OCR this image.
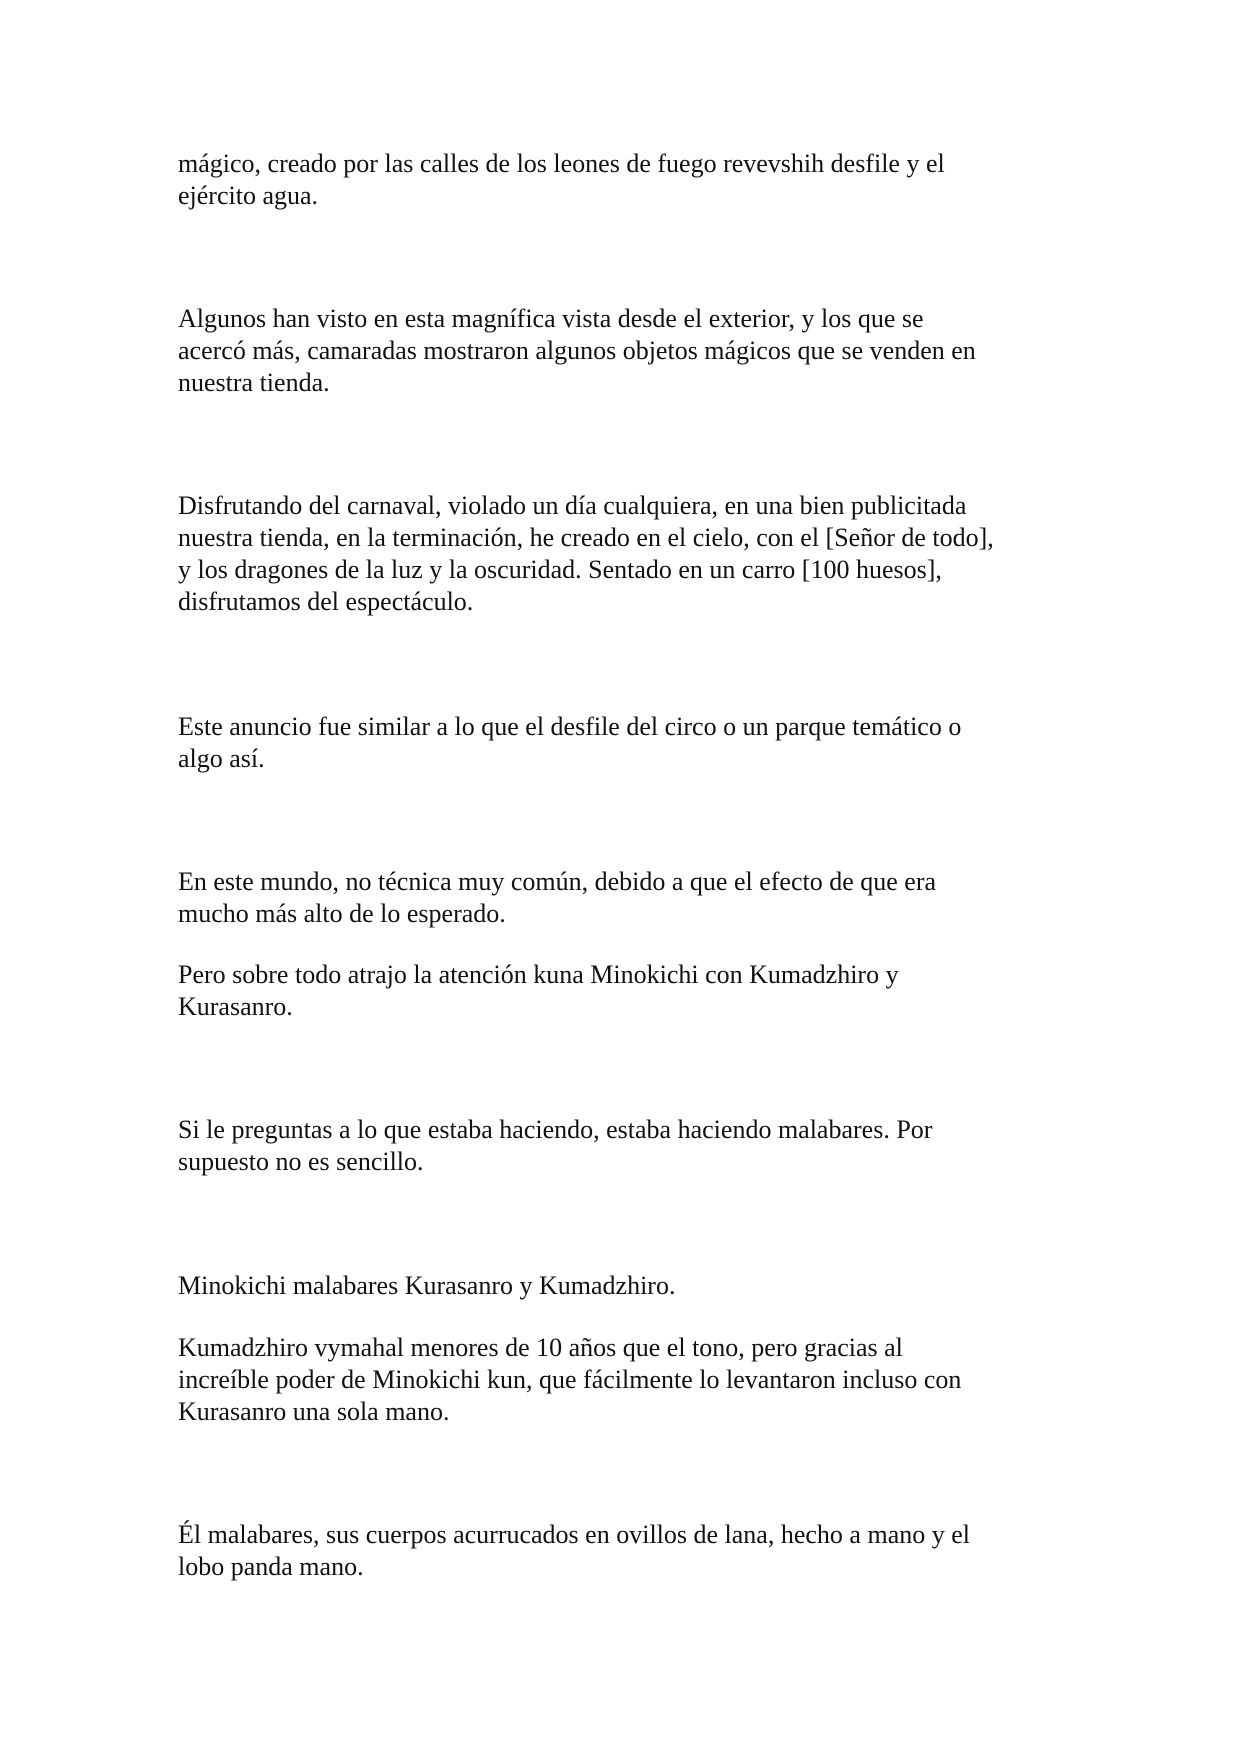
mágico, creado por las calles de los leones de fuego revevshih desfile y el
ejército agua.

Algunos han visto en esta magnífica vista desde el exterior, y los que se
acercó más, camaradas mostraron algunos objetos mágicos que se venden en
nuestra tienda.

Disfrutando del carnaval, violado un día cualquiera, en una bien publicitada
nuestra tienda, en la terminación, he creado en el cielo, con el [Señor de todo],
y los dragones de la luz y la oscuridad. Sentado en un carro [100 huesos],
disfrutamos del espectáculo.

Este anuncio fue similar a lo que el desfile del circo o un parque temático o
algo así.

En este mundo, no técnica muy común, debido a que el efecto de que era
mucho más alto de lo esperado.

Pero sobre todo atrajo la atención kuna Minokichi con Kumadzhiro y
Kurasanro.

Si le preguntas a lo que estaba haciendo, estaba haciendo malabares. Por
supuesto no es sencillo.

Minokichi malabares Kurasanro y Kumadzhiro.

Kumadzhiro vymahal menores de 10 años que el tono, pero gracias al
increíble poder de Minokichi kun, que fácilmente lo levantaron incluso con
Kurasanro una sola mano.

Él malabares, sus cuerpos acurrucados en ovillos de lana, hecho a mano y el
lobo panda mano.
